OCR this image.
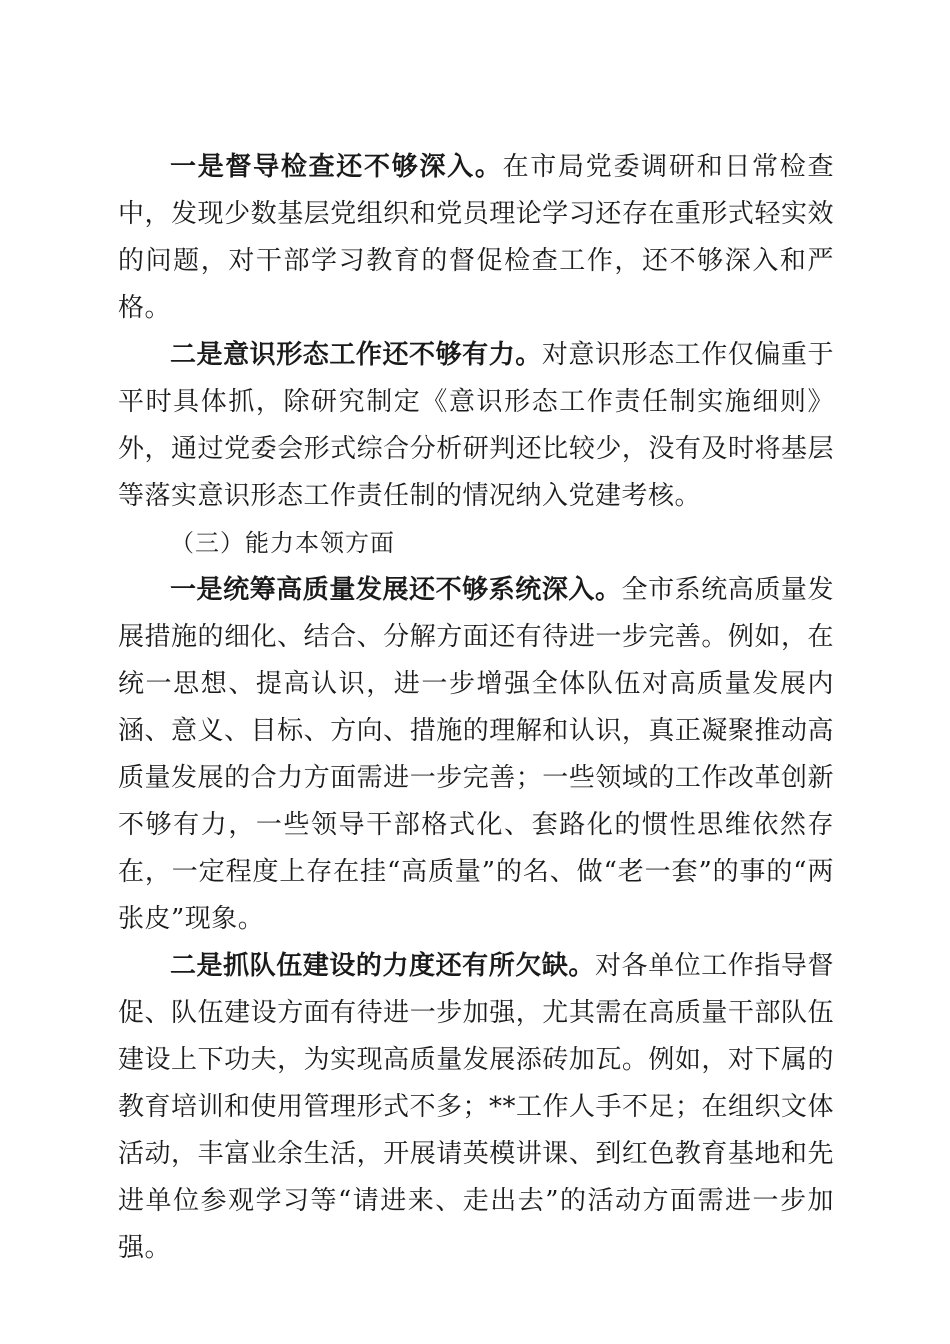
一是督导检查还不够深入。在市局党委调研和日常检查中，发现少数基层党组织和党员理论学习还存在重形式轻实效的问题，对干部学习教育的督促检查工作，还不够深入和严格。

二是意识形态工作还不够有力。对意识形态工作仅偏重于平时具体抓，除研究制定《意识形态工作责任制实施细则》外，通过党委会形式综合分析研判还比较少，没有及时将基层等落实意识形态工作责任制的情况纳入党建考核。

（三）能力本领方面

一是统筹高质量发展还不够系统深入。全市系统高质量发展措施的细化、结合、分解方面还有待进一步完善。例如，在统一思想、提高认识，进一步增强全体队伍对高质量发展内涵、意义、目标、方向、措施的理解和认识，真正凝聚推动高质量发展的合力方面需进一步完善；一些领域的工作改革创新不够有力，一些领导干部格式化、套路化的惯性思维依然存在，一定程度上存在挂“高质量”的名、做“老一套”的事的“两张皮”现象。

二是抓队伍建设的力度还有所欠缺。对各单位工作指导督促、队伍建设方面有待进一步加强，尤其需在高质量干部队伍建设上下功夫，为实现高质量发展添砖加瓦。例如，对下属的教育培训和使用管理形式不多；**工作人手不足；在组织文体活动，丰富业余生活，开展请英模讲课、到红色教育基地和先进单位参观学习等“请进来、走出去”的活动方面需进一步加强。
